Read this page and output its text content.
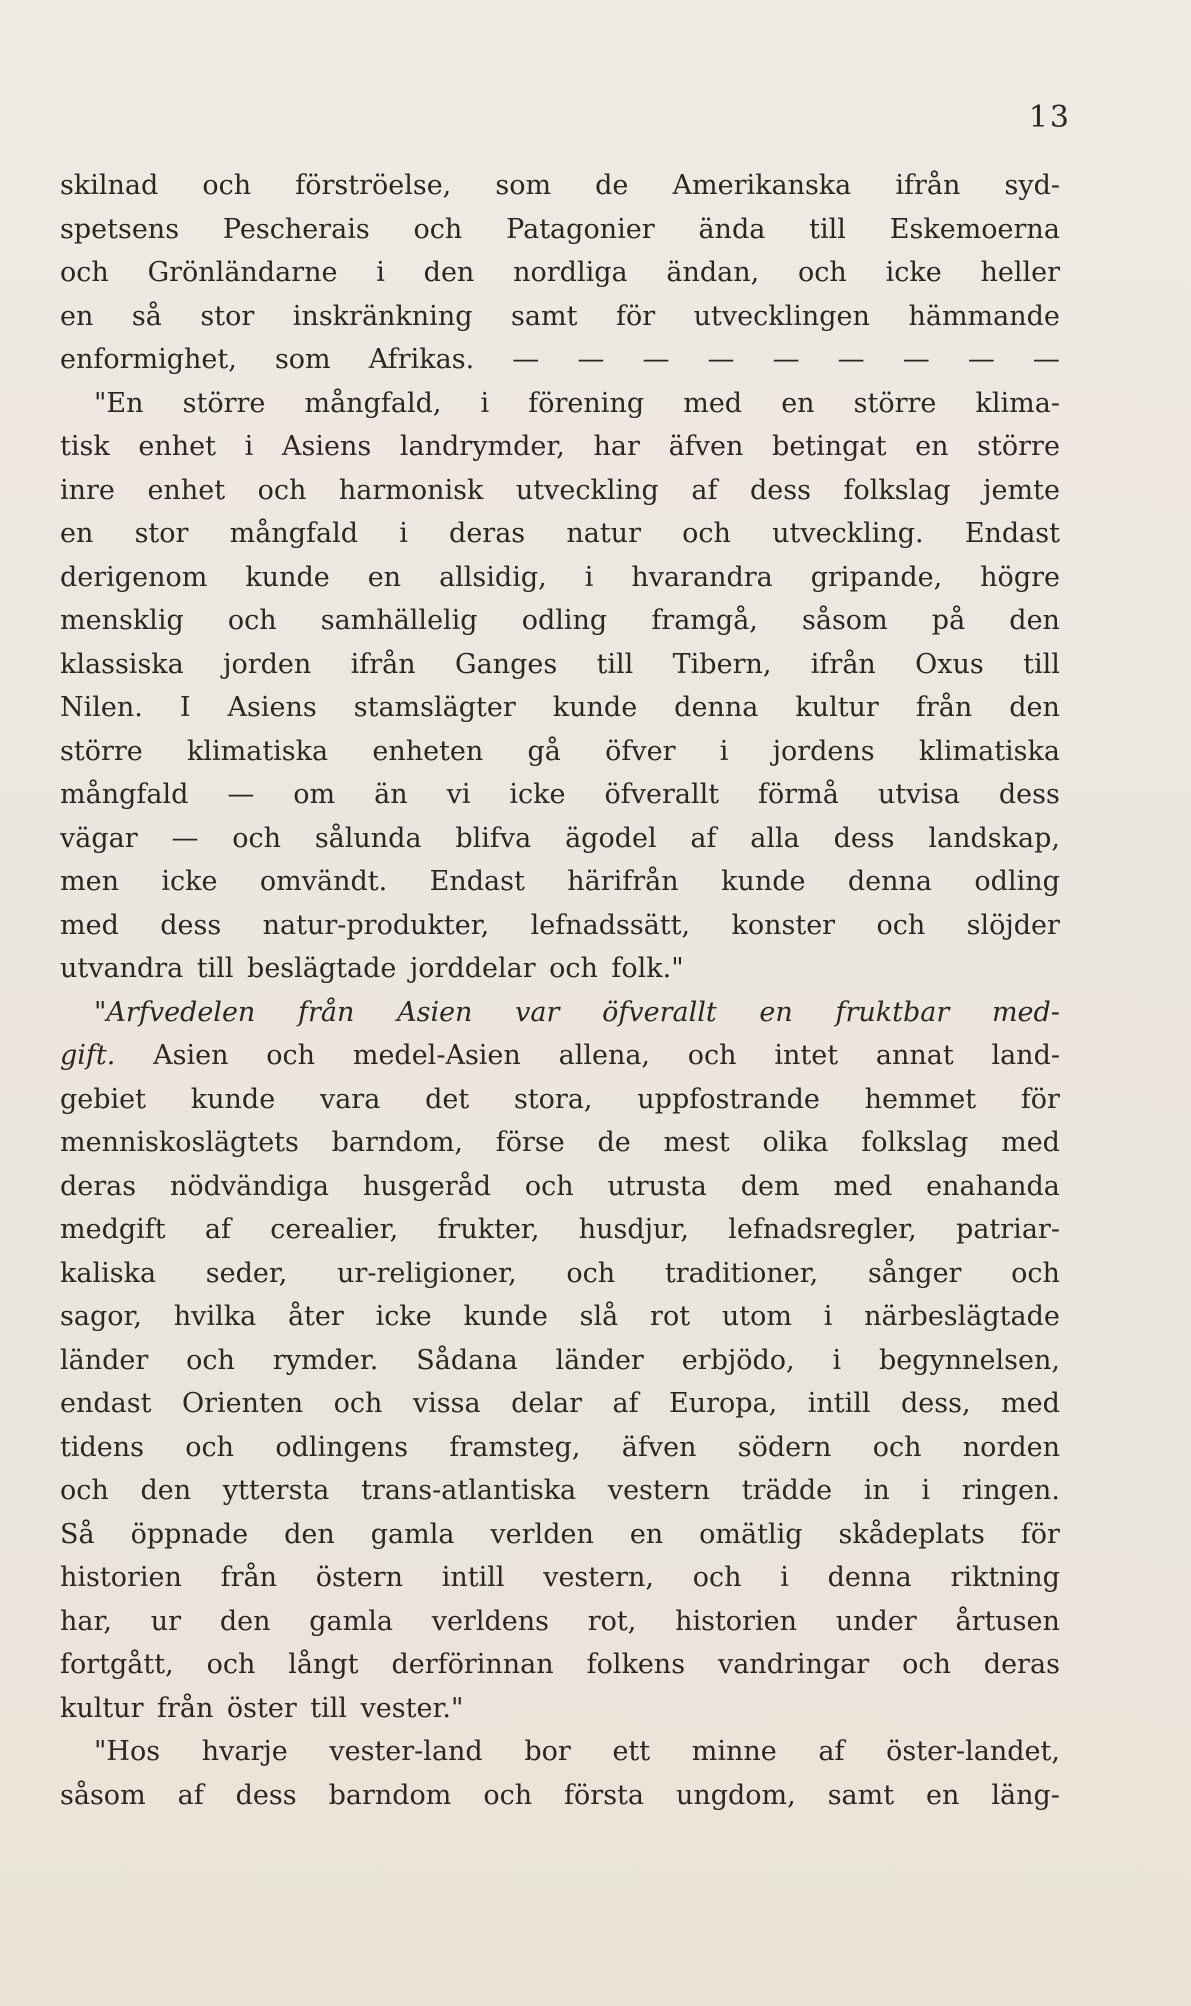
13
skilnad och förströelse, som de Amerikanska ifrån syd-
spetsens Pescherais och Patagonier ända till Eskemoerna
och Grönländarne i den nordliga ändan, och icke heller
en så stor inskränkning samt för utvecklingen hämmande
enformighet, som Afrikas. — — — — — — — — —
"En större mångfald, i förening med en större klima-
tisk enhet i Asiens landrymder, har äfven betingat en större
inre enhet och harmonisk utveckling af dess folkslag jemte
en stor mångfald i deras natur och utveckling. Endast
derigenom kunde en allsidig, i hvarandra gripande, högre
mensklig och samhällelig odling framgå, såsom på den
klassiska jorden ifrån Ganges till Tibern, ifrån Oxus till
Nilen. I Asiens stamslägter kunde denna kultur från den
större klimatiska enheten gå öfver i jordens klimatiska
mångfald — om än vi icke öfverallt förmå utvisa dess
vägar — och sålunda blifva ägodel af alla dess landskap,
men icke omvändt. Endast härifrån kunde denna odling
med dess natur-produkter, lefnadssätt, konster och slöjder
utvandra till beslägtade jorddelar och folk."
"Arfvedelen från Asien var öfverallt en fruktbar med-
gift. Asien och medel-Asien allena, och intet annat land-
gebiet kunde vara det stora, uppfostrande hemmet för
menniskoslägtets barndom, förse de mest olika folkslag med
deras nödvändiga husgeråd och utrusta dem med enahanda
medgift af cerealier, frukter, husdjur, lefnadsregler, patriar-
kaliska seder, ur-religioner, och traditioner, sånger och
sagor, hvilka åter icke kunde slå rot utom i närbeslägtade
länder och rymder. Sådana länder erbjödo, i begynnelsen,
endast Orienten och vissa delar af Europa, intill dess, med
tidens och odlingens framsteg, äfven södern och norden
och den yttersta trans-atlantiska vestern trädde in i ringen.
Så öppnade den gamla verlden en omätlig skådeplats för
historien från östern intill vestern, och i denna riktning
har, ur den gamla verldens rot, historien under årtusen
fortgått, och långt derförinnan folkens vandringar och deras
kultur från öster till vester."
"Hos hvarje vester-land bor ett minne af öster-landet,
såsom af dess barndom och första ungdom, samt en läng-
